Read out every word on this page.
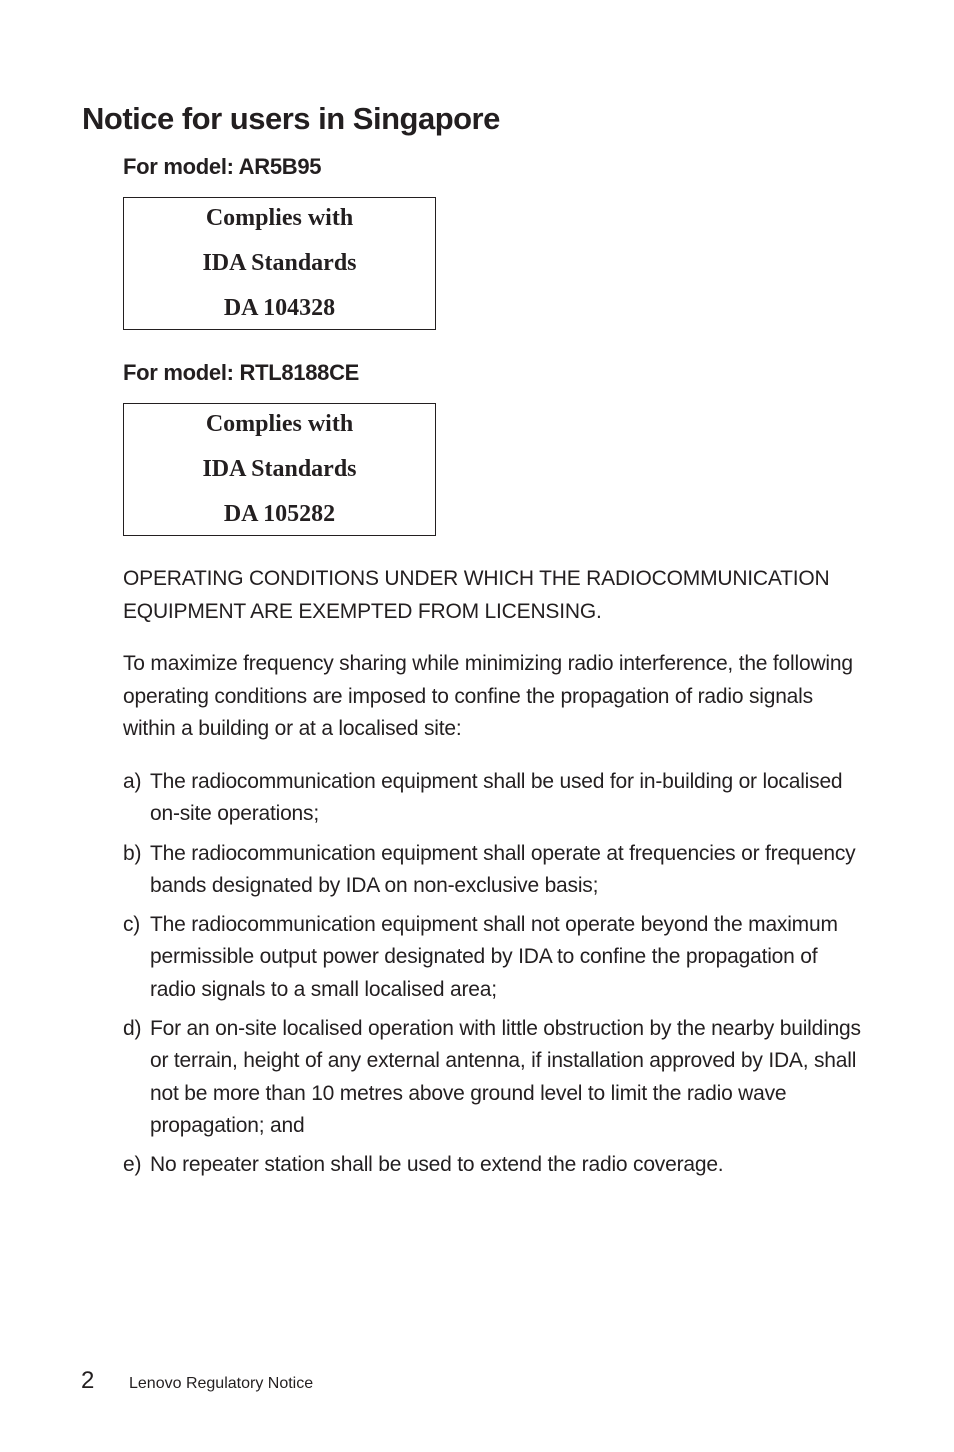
Notice for users in Singapore
For model: AR5B95
Complies with
IDA Standards
DA 104328
For model: RTL8188CE
Complies with
IDA Standards
DA 105282

OPERATING CONDITIONS UNDER WHICH THE RADIOCOMMUNICATION EQUIPMENT ARE EXEMPTED FROM LICENSING.

To maximize frequency sharing while minimizing radio interference, the following operating conditions are imposed to confine the propagation of radio signals within a building or at a localised site:

a) The radiocommunication equipment shall be used for in-building or localised on-site operations;
b) The radiocommunication equipment shall operate at frequencies or frequency bands designated by IDA on non-exclusive basis;
c) The radiocommunication equipment shall not operate beyond the maximum permissible output power designated by IDA to confine the propagation of radio signals to a small localised area;
d) For an on-site localised operation with little obstruction by the nearby buildings or terrain, height of any external antenna, if installation approved by IDA, shall not be more than 10 metres above ground level to limit the radio wave propagation; and
e) No repeater station shall be used to extend the radio coverage.
2 Lenovo Regulatory Notice
